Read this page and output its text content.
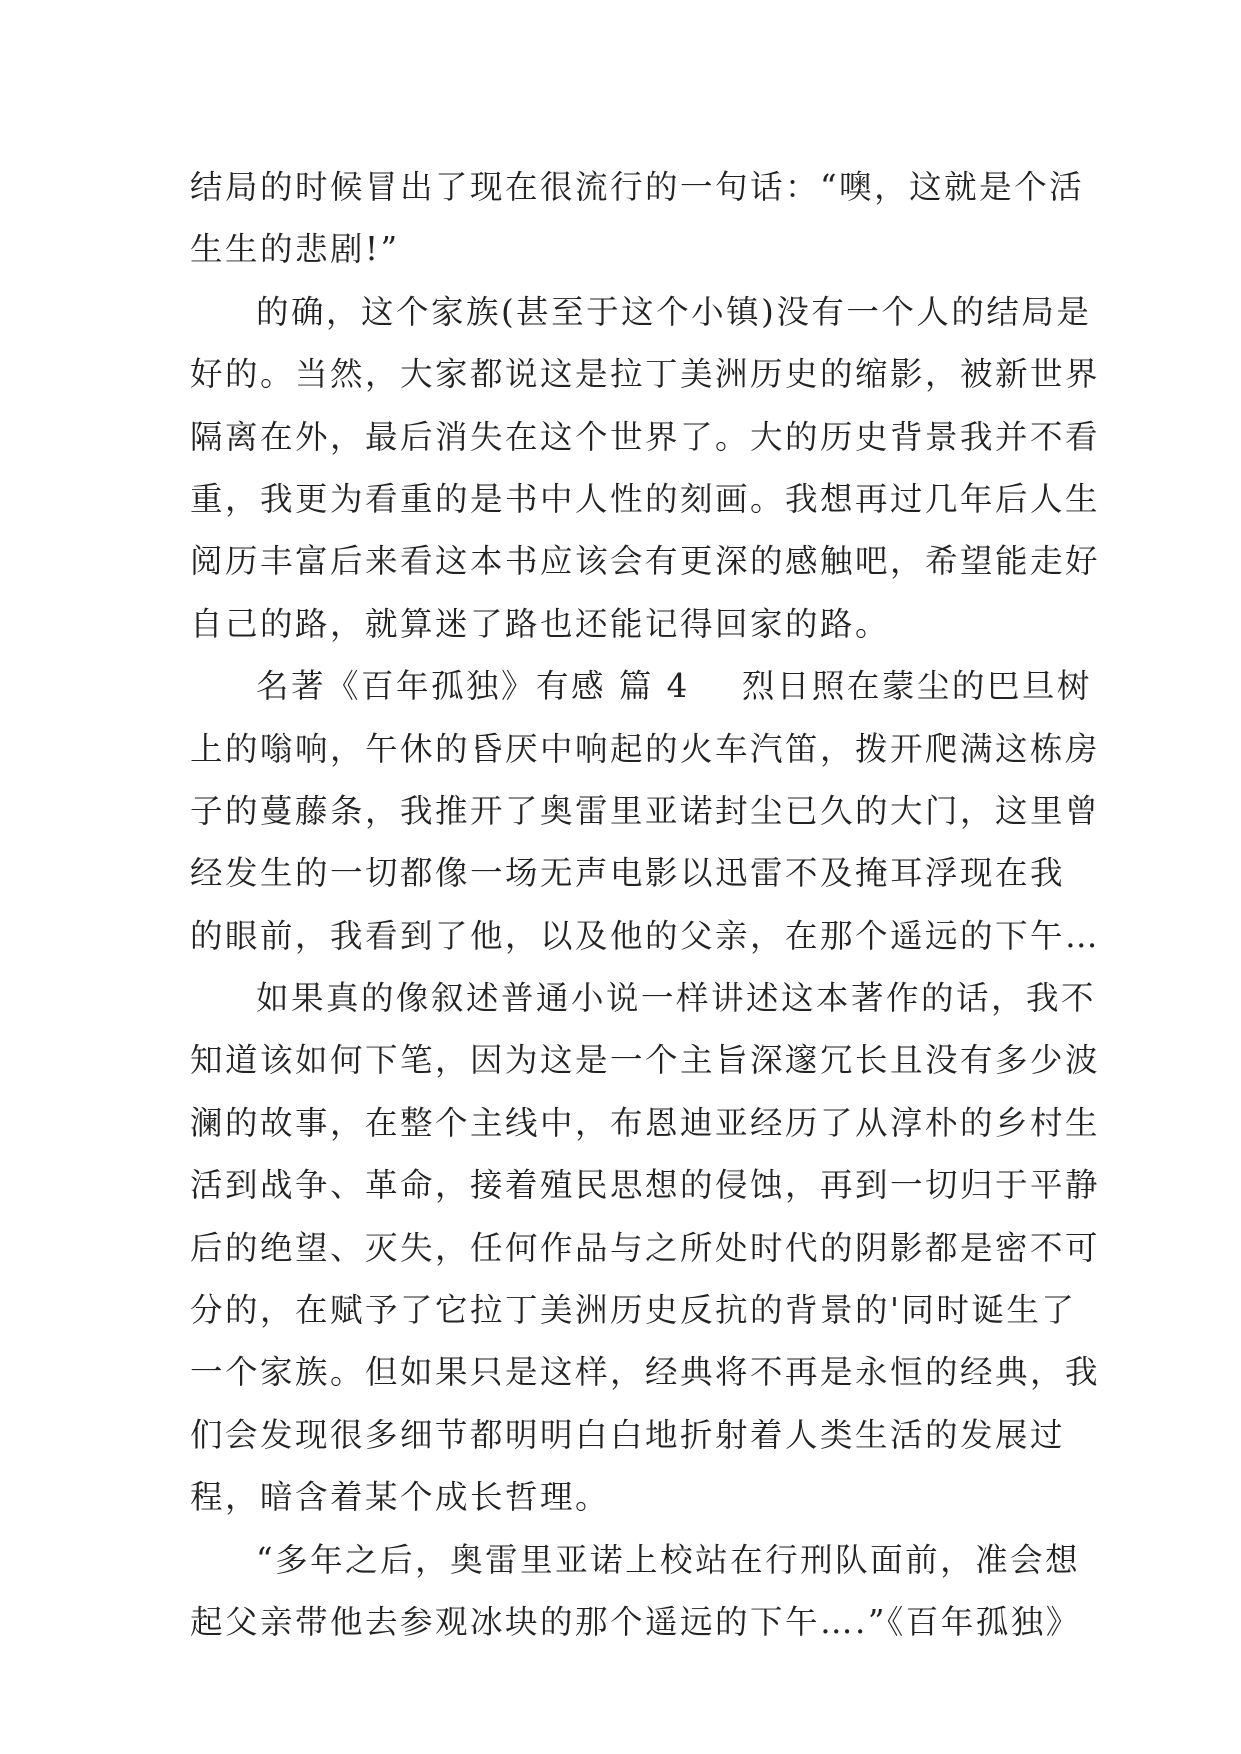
结局的时候冒出了现在很流行的一句话：“噢，这就是个活
生生的悲剧!”
的确，这个家族(甚至于这个小镇)没有一个人的结局是
好的。当然，大家都说这是拉丁美洲历史的缩影，被新世界
隔离在外，最后消失在这个世界了。大的历史背景我并不看
重，我更为看重的是书中人性的刻画。我想再过几年后人生
阅历丰富后来看这本书应该会有更深的感触吧，希望能走好
自己的路，就算迷了路也还能记得回家的路。
名著《百年孤独》有感 篇 4 烈日照在蒙尘的巴旦树
上的嗡响，午休的昏厌中响起的火车汽笛，拨开爬满这栋房
子的蔓藤条，我推开了奥雷里亚诺封尘已久的大门，这里曾
经发生的一切都像一场无声电影以迅雷不及掩耳浮现在我
的眼前，我看到了他，以及他的父亲，在那个遥远的下午…
如果真的像叙述普通小说一样讲述这本著作的话，我不
知道该如何下笔，因为这是一个主旨深邃冗长且没有多少波
澜的故事，在整个主线中，布恩迪亚经历了从淳朴的乡村生
活到战争、革命，接着殖民思想的侵蚀，再到一切归于平静
后的绝望、灭失，任何作品与之所处时代的阴影都是密不可
分的，在赋予了它拉丁美洲历史反抗的背景的'同时诞生了
一个家族。但如果只是这样，经典将不再是永恒的经典，我
们会发现很多细节都明明白白地折射着人类生活的发展过
程，暗含着某个成长哲理。
“多年之后，奥雷里亚诺上校站在行刑队面前，准会想
起父亲带他去参观冰块的那个遥远的下午….”《百年孤独》
